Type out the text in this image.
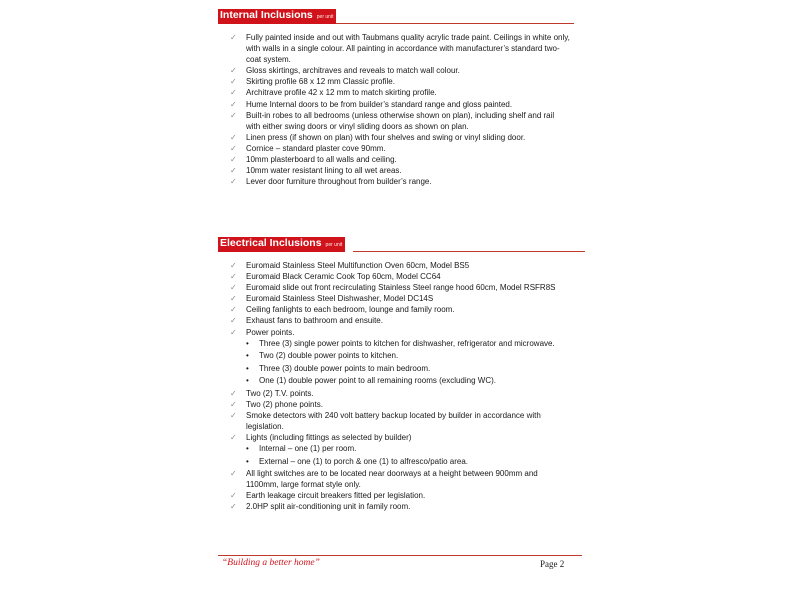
Internal Inclusions per unit
✓	Fully painted inside and out with Taubmans quality acrylic trade paint. Ceilings in white only, with walls in a single colour. All painting in accordance with manufacturer’s standard two-coat system.
✓	Gloss skirtings, architraves and reveals to match wall colour.
✓	Skirting profile 68 x 12 mm Classic profile.
✓	Architrave profile 42 x 12 mm to match skirting profile.
✓	Hume Internal doors to be from builder’s standard range and gloss painted.
✓	Built-in robes to all bedrooms (unless otherwise shown on plan), including shelf and rail with either swing doors or vinyl sliding doors as shown on plan.
✓	Linen press (if shown on plan) with four shelves and swing or vinyl sliding door.
✓	Cornice – standard plaster cove 90mm.
✓	10mm plasterboard to all walls and ceiling.
✓	10mm water resistant lining to all wet areas.
✓	Lever door furniture throughout from builder’s range.
Electrical Inclusions per unit
✓	Euromaid Stainless Steel Multifunction Oven 60cm, Model BS5
✓	Euromaid Black Ceramic Cook Top 60cm, Model CC64
✓	Euromaid slide out front recirculating Stainless Steel range hood 60cm, Model RSFR8S
✓	Euromaid Stainless Steel Dishwasher, Model DC14S
✓	Ceiling fanlights to each bedroom, lounge and family room.
✓	Exhaust fans to bathroom and ensuite.
✓	Power points.
•	Three (3) single power points to kitchen for dishwasher, refrigerator and microwave.
•	Two (2) double power points to kitchen.
•	Three (3) double power points to main bedroom.
•	One (1) double power point to all remaining rooms (excluding WC).
✓	Two (2) T.V. points.
✓	Two (2) phone points.
✓	Smoke detectors with 240 volt battery backup located by builder in accordance with legislation.
✓	Lights (including fittings as selected by builder)
•	Internal – one (1) per room.
•	External – one (1) to porch & one (1) to alfresco/patio area.
✓	All light switches are to be located near doorways at a height between 900mm and 1100mm, large format style only.
✓	Earth leakage circuit breakers fitted per legislation.
✓	2.0HP split air-conditioning unit in family room.
“Building a better home”	Page 2
